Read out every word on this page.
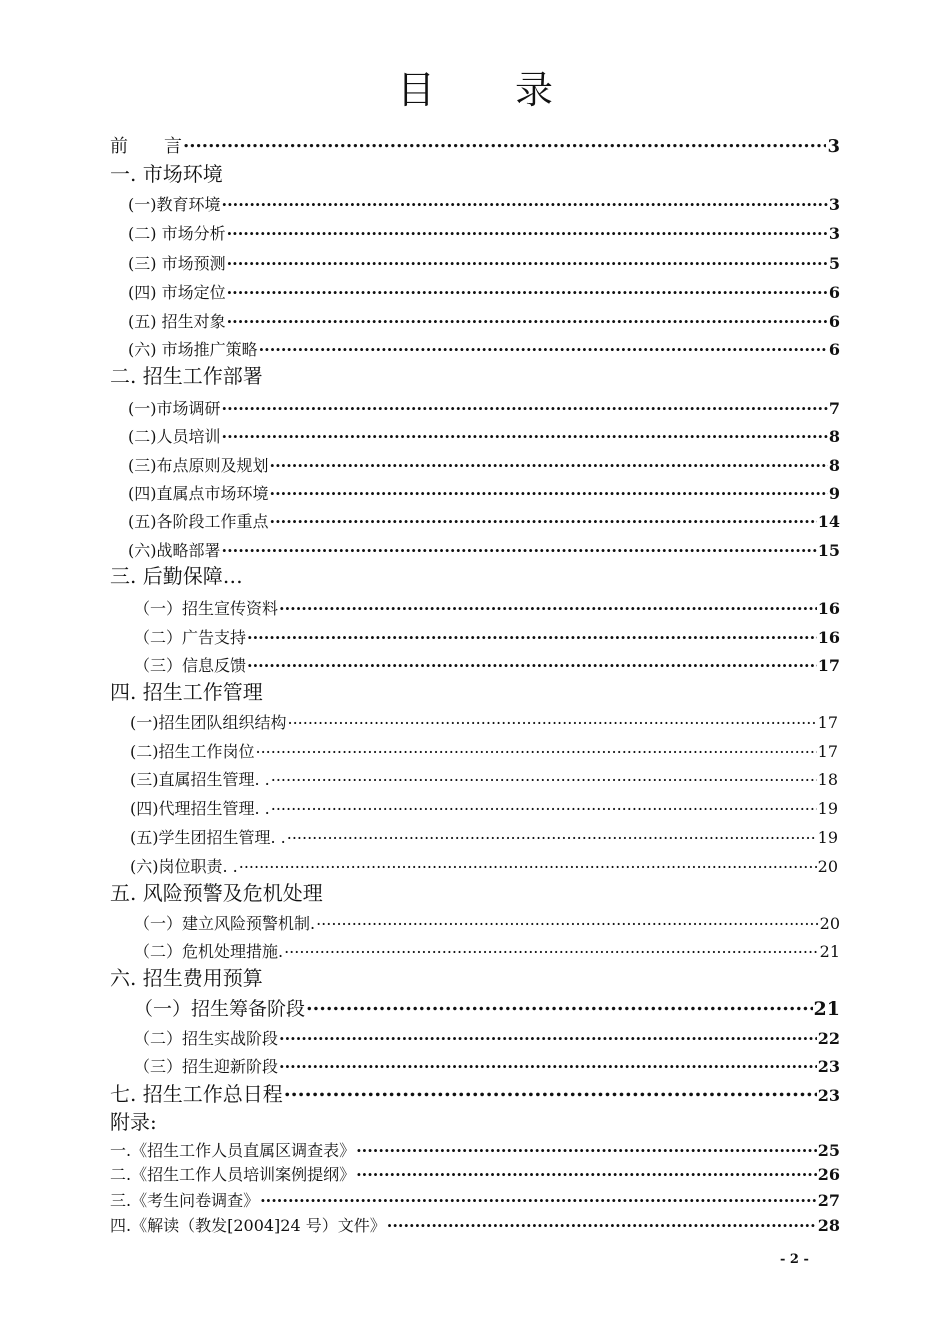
目 录
前　　言 .....	3
一. 市场环境
(一)教育环境 .....	3
(二) 市场分析 .....	3
(三) 市场预测 .....	5
(四) 市场定位 .....	6
(五) 招生对象 .....	6
(六) 市场推广策略 .....	6
二. 招生工作部署
(一)市场调研 .....	7
(二)人员培训 .....	8
(三)布点原则及规划 .....	8
(四)直属点市场环境 .....	9
(五)各阶段工作重点 .....	14
(六)战略部署 .....	15
三. 后勤保障…
（一）招生宣传资料 .....	16
（二）广告支持 .....	16
（三）信息反馈 .....	17
四. 招生工作管理
(一)招生团队组织结构 .....	17
(二)招生工作岗位 .....	17
(三)直属招生管理. . .....	18
(四)代理招生管理. . .....	19
(五)学生团招生管理. . .....	19
(六)岗位职责. . .....	20
五. 风险预警及危机处理
（一）建立风险预警机制. .....	20
（二）危机处理措施. .....	21
六. 招生费用预算
（一）招生筹备阶段 .....	21
（二）招生实战阶段 .....	22
（三）招生迎新阶段 .....	23
七. 招生工作总日程 .....	23
附录:
一.《招生工作人员直属区调查表》 .....	25
二.《招生工作人员培训案例提纲》 .....	26
三.《考生问卷调查》 .....	27
四.《解读（教发[2004]24 号）文件》 .....	28
- 2 -
